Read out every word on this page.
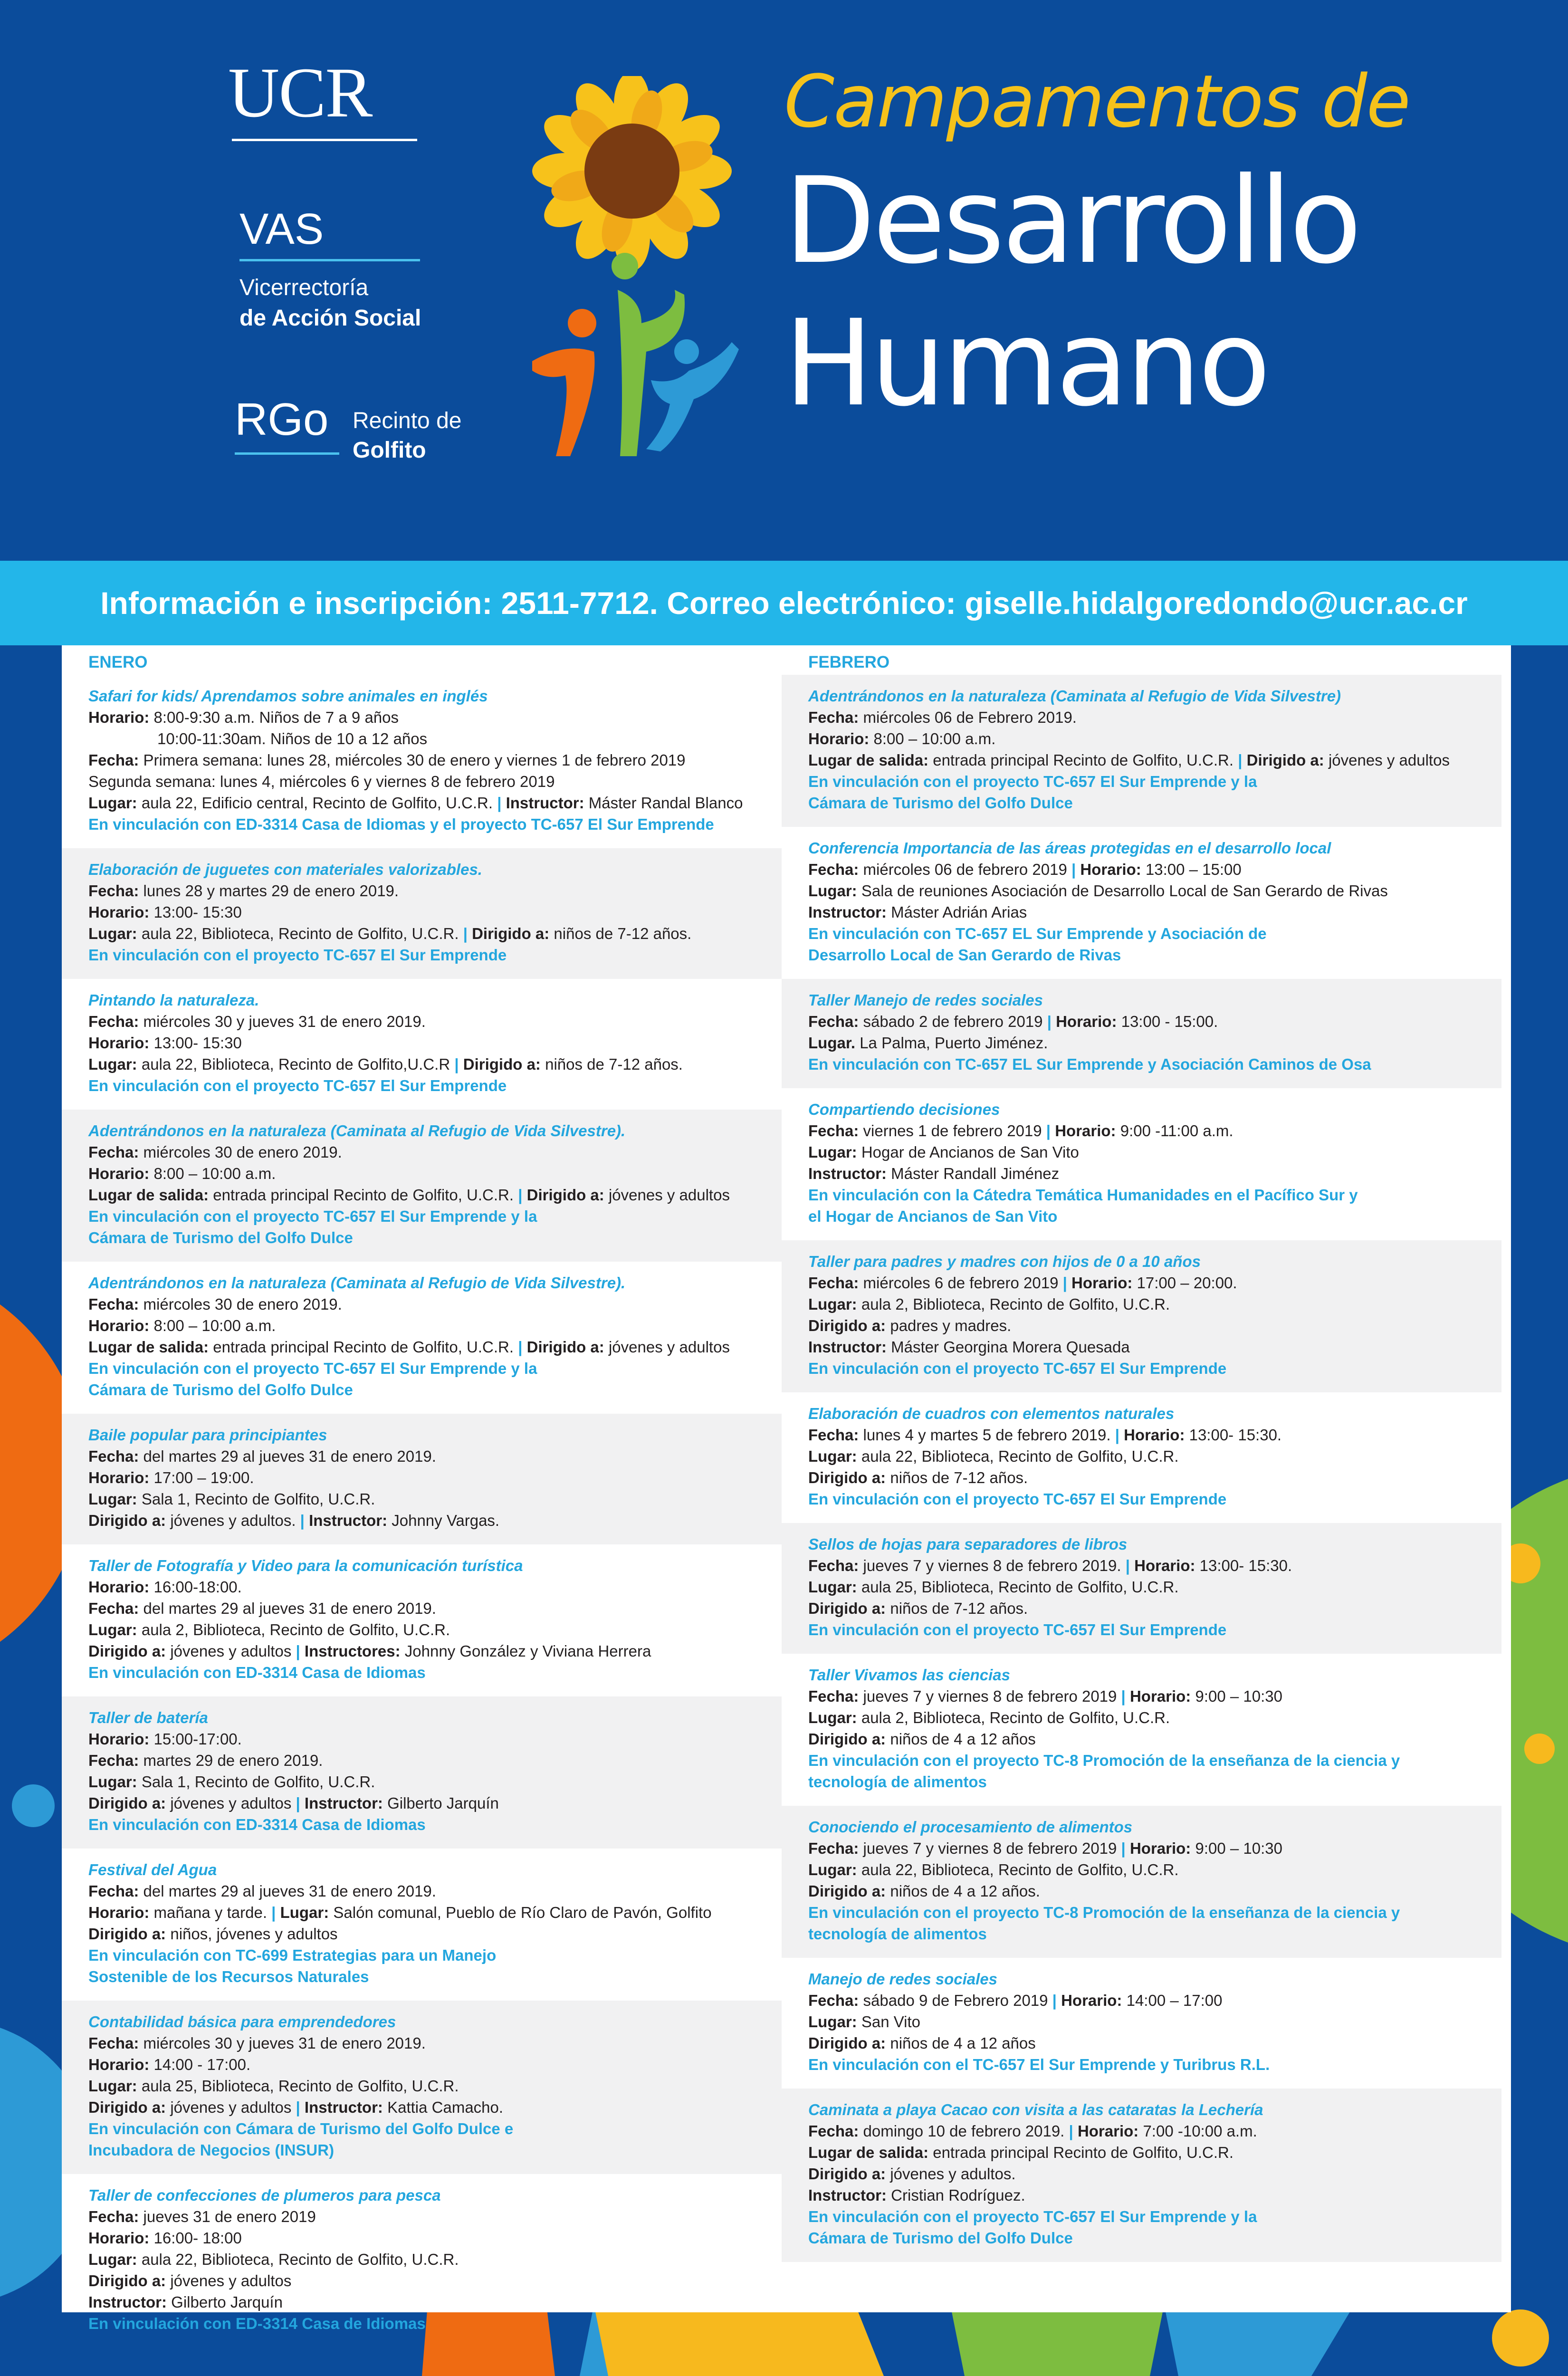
UCR
VAS
Vicerrectoría
de Acción Social
RGo Recinto de
Golfito
Campamentos de
Desarrollo
Humano
Información e inscripción: 2511-7712. Correo electrónico: giselle.hidalgoredondo@ucr.ac.cr
ENERO
Safari for kids/ Aprendamos sobre animales en inglés
Horario: 8:00-9:30 a.m. Niños de 7 a 9 años
10:00-11:30am. Niños de 10 a 12 años
Fecha: Primera semana: lunes 28, miércoles 30 de enero y viernes 1 de febrero 2019
Segunda semana: lunes 4, miércoles 6 y viernes 8 de febrero 2019
Lugar: aula 22, Edificio central, Recinto de Golfito, U.C.R. | Instructor: Máster Randal Blanco
En vinculación con ED-3314 Casa de Idiomas y el proyecto TC-657 El Sur Emprende
Elaboración de juguetes con materiales valorizables.
Fecha: lunes 28 y martes 29 de enero 2019.
Horario: 13:00- 15:30
Lugar: aula 22, Biblioteca, Recinto de Golfito, U.C.R. | Dirigido a: niños de 7-12 años.
En vinculación con el proyecto TC-657 El Sur Emprende
Pintando la naturaleza.
Fecha: miércoles 30 y jueves 31 de enero 2019.
Horario: 13:00- 15:30
Lugar: aula 22, Biblioteca, Recinto de Golfito,U.C.R | Dirigido a: niños de 7-12 años.
En vinculación con el proyecto TC-657 El Sur Emprende
Adentrándonos en la naturaleza (Caminata al Refugio de Vida Silvestre).
Fecha: miércoles 30 de enero 2019.
Horario: 8:00 – 10:00 a.m.
Lugar de salida: entrada principal Recinto de Golfito, U.C.R. | Dirigido a: jóvenes y adultos
En vinculación con el proyecto TC-657 El Sur Emprende y la
Cámara de Turismo del Golfo Dulce
Adentrándonos en la naturaleza (Caminata al Refugio de Vida Silvestre).
Fecha: miércoles 30 de enero 2019.
Horario: 8:00 – 10:00 a.m.
Lugar de salida: entrada principal Recinto de Golfito, U.C.R. | Dirigido a: jóvenes y adultos
En vinculación con el proyecto TC-657 El Sur Emprende y la
Cámara de Turismo del Golfo Dulce
Baile popular para principiantes
Fecha: del martes 29 al jueves 31 de enero 2019.
Horario: 17:00 – 19:00.
Lugar: Sala 1, Recinto de Golfito, U.C.R.
Dirigido a: jóvenes y adultos. | Instructor: Johnny Vargas.
Taller de Fotografía y Video para la comunicación turística
Horario: 16:00-18:00.
Fecha: del martes 29 al jueves 31 de enero 2019.
Lugar: aula 2, Biblioteca, Recinto de Golfito, U.C.R.
Dirigido a: jóvenes y adultos | Instructores: Johnny González y Viviana Herrera
En vinculación con ED-3314 Casa de Idiomas
Taller de batería
Horario: 15:00-17:00.
Fecha: martes 29 de enero 2019.
Lugar: Sala 1, Recinto de Golfito, U.C.R.
Dirigido a: jóvenes y adultos | Instructor: Gilberto Jarquín
En vinculación con ED-3314 Casa de Idiomas
Festival del Agua
Fecha: del martes 29 al jueves 31 de enero 2019.
Horario: mañana y tarde. | Lugar: Salón comunal, Pueblo de Río Claro de Pavón, Golfito
Dirigido a: niños, jóvenes y adultos
En vinculación con TC-699 Estrategias para un Manejo
Sostenible de los Recursos Naturales
Contabilidad básica para emprendedores
Fecha: miércoles 30 y jueves 31 de enero 2019.
Horario: 14:00 - 17:00.
Lugar: aula 25, Biblioteca, Recinto de Golfito, U.C.R.
Dirigido a: jóvenes y adultos | Instructor: Kattia Camacho.
En vinculación con Cámara de Turismo del Golfo Dulce e
Incubadora de Negocios (INSUR)
Taller de confecciones de plumeros para pesca
Fecha: jueves 31 de enero 2019
Horario: 16:00- 18:00
Lugar: aula 22, Biblioteca, Recinto de Golfito, U.C.R.
Dirigido a: jóvenes y adultos
Instructor: Gilberto Jarquín
En vinculación con ED-3314 Casa de Idiomas
FEBRERO
Adentrándonos en la naturaleza (Caminata al Refugio de Vida Silvestre)
Fecha: miércoles 06 de Febrero 2019.
Horario: 8:00 – 10:00 a.m.
Lugar de salida: entrada principal Recinto de Golfito, U.C.R. | Dirigido a: jóvenes y adultos
En vinculación con el proyecto TC-657 El Sur Emprende y la
Cámara de Turismo del Golfo Dulce
Conferencia Importancia de las áreas protegidas en el desarrollo local
Fecha: miércoles 06 de febrero 2019 | Horario: 13:00 – 15:00
Lugar: Sala de reuniones Asociación de Desarrollo Local de San Gerardo de Rivas
Instructor: Máster Adrián Arias
En vinculación con TC-657 EL Sur Emprende y Asociación de
Desarrollo Local de San Gerardo de Rivas
Taller Manejo de redes sociales
Fecha: sábado 2 de febrero 2019 | Horario: 13:00 - 15:00.
Lugar. La Palma, Puerto Jiménez.
En vinculación con TC-657 EL Sur Emprende y Asociación Caminos de Osa
Compartiendo decisiones
Fecha: viernes 1 de febrero 2019 | Horario: 9:00 -11:00 a.m.
Lugar: Hogar de Ancianos de San Vito
Instructor: Máster Randall Jiménez
En vinculación con la Cátedra Temática Humanidades en el Pacífico Sur y
el Hogar de Ancianos de San Vito
Taller para padres y madres con hijos de 0 a 10 años
Fecha: miércoles 6 de febrero 2019 | Horario: 17:00 – 20:00.
Lugar: aula 2, Biblioteca, Recinto de Golfito, U.C.R.
Dirigido a: padres y madres.
Instructor: Máster Georgina Morera Quesada
En vinculación con el proyecto TC-657 El Sur Emprende
Elaboración de cuadros con elementos naturales
Fecha: lunes 4 y martes 5 de febrero 2019. | Horario: 13:00- 15:30.
Lugar: aula 22, Biblioteca, Recinto de Golfito, U.C.R.
Dirigido a: niños de 7-12 años.
En vinculación con el proyecto TC-657 El Sur Emprende
Sellos de hojas para separadores de libros
Fecha: jueves 7 y viernes 8 de febrero 2019. | Horario: 13:00- 15:30.
Lugar: aula 25, Biblioteca, Recinto de Golfito, U.C.R.
Dirigido a: niños de 7-12 años.
En vinculación con el proyecto TC-657 El Sur Emprende
Taller Vivamos las ciencias
Fecha: jueves 7 y viernes 8 de febrero 2019 | Horario: 9:00 – 10:30
Lugar: aula 2, Biblioteca, Recinto de Golfito, U.C.R.
Dirigido a: niños de 4 a 12 años
En vinculación con el proyecto TC-8 Promoción de la enseñanza de la ciencia y
tecnología de alimentos
Conociendo el procesamiento de alimentos
Fecha: jueves 7 y viernes 8 de febrero 2019 | Horario: 9:00 – 10:30
Lugar: aula 22, Biblioteca, Recinto de Golfito, U.C.R.
Dirigido a: niños de 4 a 12 años.
En vinculación con el proyecto TC-8 Promoción de la enseñanza de la ciencia y
tecnología de alimentos
Manejo de redes sociales
Fecha: sábado 9 de Febrero 2019 | Horario: 14:00 – 17:00
Lugar: San Vito
Dirigido a: niños de 4 a 12 años
En vinculación con el TC-657 El Sur Emprende y Turibrus R.L.
Caminata a playa Cacao con visita a las cataratas la Lechería
Fecha: domingo 10 de febrero 2019. | Horario: 7:00 -10:00 a.m.
Lugar de salida: entrada principal Recinto de Golfito, U.C.R.
Dirigido a: jóvenes y adultos.
Instructor: Cristian Rodríguez.
En vinculación con el proyecto TC-657 El Sur Emprende y la
Cámara de Turismo del Golfo Dulce
